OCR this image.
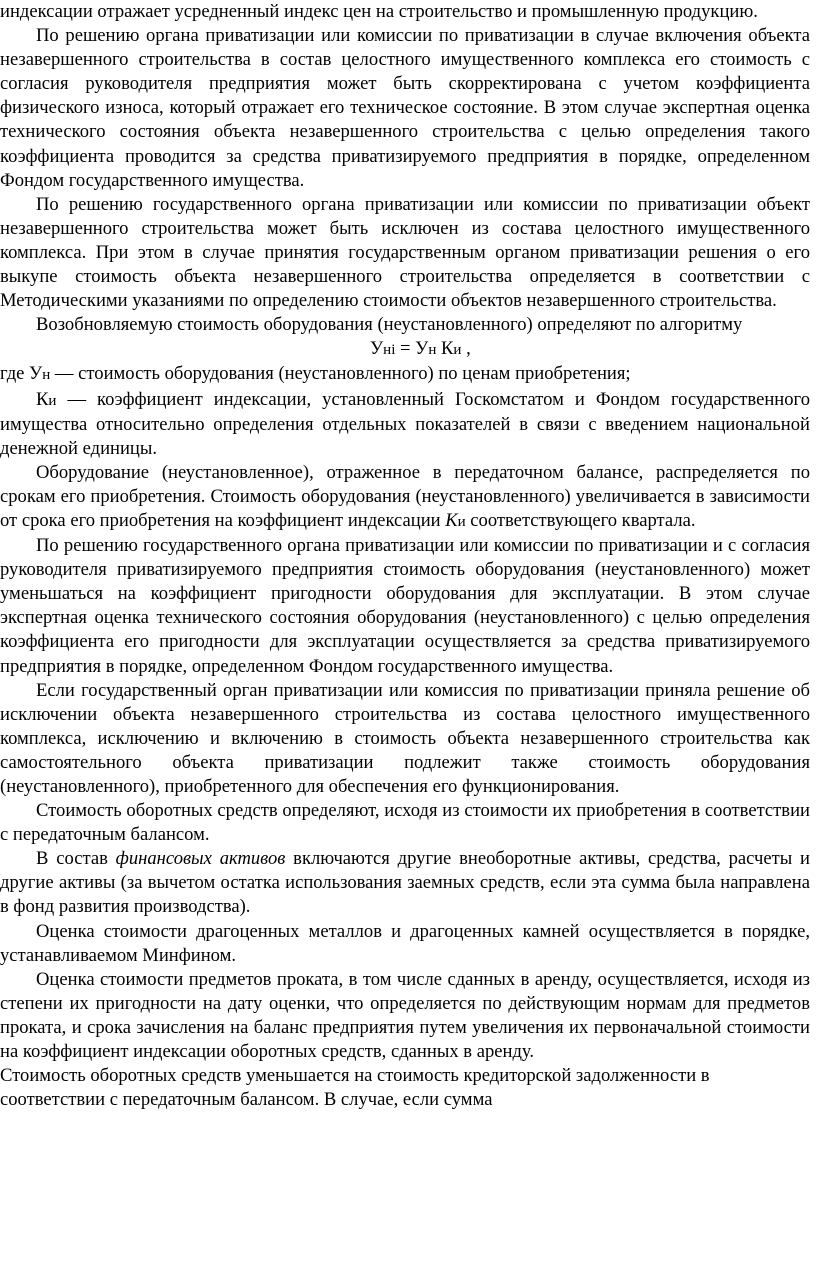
индексации отражает усредненный индекс цен на строительство и промышленную продукцию.

По решению органа приватизации или комиссии по приватизации в случае включения объекта незавершенного строительства в состав целостного имущественного комплекса его стоимость с согласия руководителя предприятия может быть скорректирована с учетом коэффициента физического износа, который отражает его техническое состояние. В этом случае экспертная оценка технического состояния объекта незавершенного строительства с целью определения такого коэффициента проводится за средства приватизируемого предприятия в порядке, определенном Фондом государственного имущества.

По решению государственного органа приватизации или комиссии по приватизации объект незавершенного строительства может быть исключен из состава целостного имущественного комплекса. При этом в случае принятия государственным органом приватизации решения о его выкупе стоимость объекта незавершенного строительства определяется в соответствии с Методическими указаниями по определению стоимости объектов незавершенного строительства.

Возобновляемую стоимость оборудования (неустановленного) определяют по алгоритму

Унi = Ун Ки ,

где Ун — стоимость оборудования (неустановленного) по ценам приобретения;

Ки — коэффициент индексации, установленный Госкомстатом и Фондом государственного имущества относительно определения отдельных показателей в связи с введением национальной денежной единицы.

Оборудование (неустановленное), отраженное в передаточном балансе, распределяется по срокам его приобретения. Стоимость оборудования (неустановленного) увеличивается в зависимости от срока его приобретения на коэффициент индексации Ки соответствующего квартала.

По решению государственного органа приватизации или комиссии по приватизации и с согласия руководителя приватизируемого предприятия стоимость оборудования (неустановленного) может уменьшаться на коэффициент пригодности оборудования для эксплуатации. В этом случае экспертная оценка технического состояния оборудования (неустановленного) с целью определения коэффициента его пригодности для эксплуатации осуществляется за средства приватизируемого предприятия в порядке, определенном Фондом государственного имущества.

Если государственный орган приватизации или комиссия по приватизации приняла решение об исключении объекта незавершенного строительства из состава целостного имущественного комплекса, исключению и включению в стоимость объекта незавершенного строительства как самостоятельного объекта приватизации подлежит также стоимость оборудования (неустановленного), приобретенного для обеспечения его функционирования.

Стоимость оборотных средств определяют, исходя из стоимости их приобретения в соответствии с передаточным балансом.

В состав финансовых активов включаются другие внеоборотные активы, средства, расчеты и другие активы (за вычетом остатка использования заемных средств, если эта сумма была направлена в фонд развития производства).

Оценка стоимости драгоценных металлов и драгоценных камней осуществляется в порядке, устанавливаемом Минфином.

Оценка стоимости предметов проката, в том числе сданных в аренду, осуществляется, исходя из степени их пригодности на дату оценки, что определяется по действующим нормам для предметов проката, и срока зачисления на баланс предприятия путем увеличения их первоначальной стоимости на коэффициент индексации оборотных средств, сданных в аренду.

Стоимость оборотных средств уменьшается на стоимость кредиторской задолженности в соответствии с передаточным балансом. В случае, если сумма
